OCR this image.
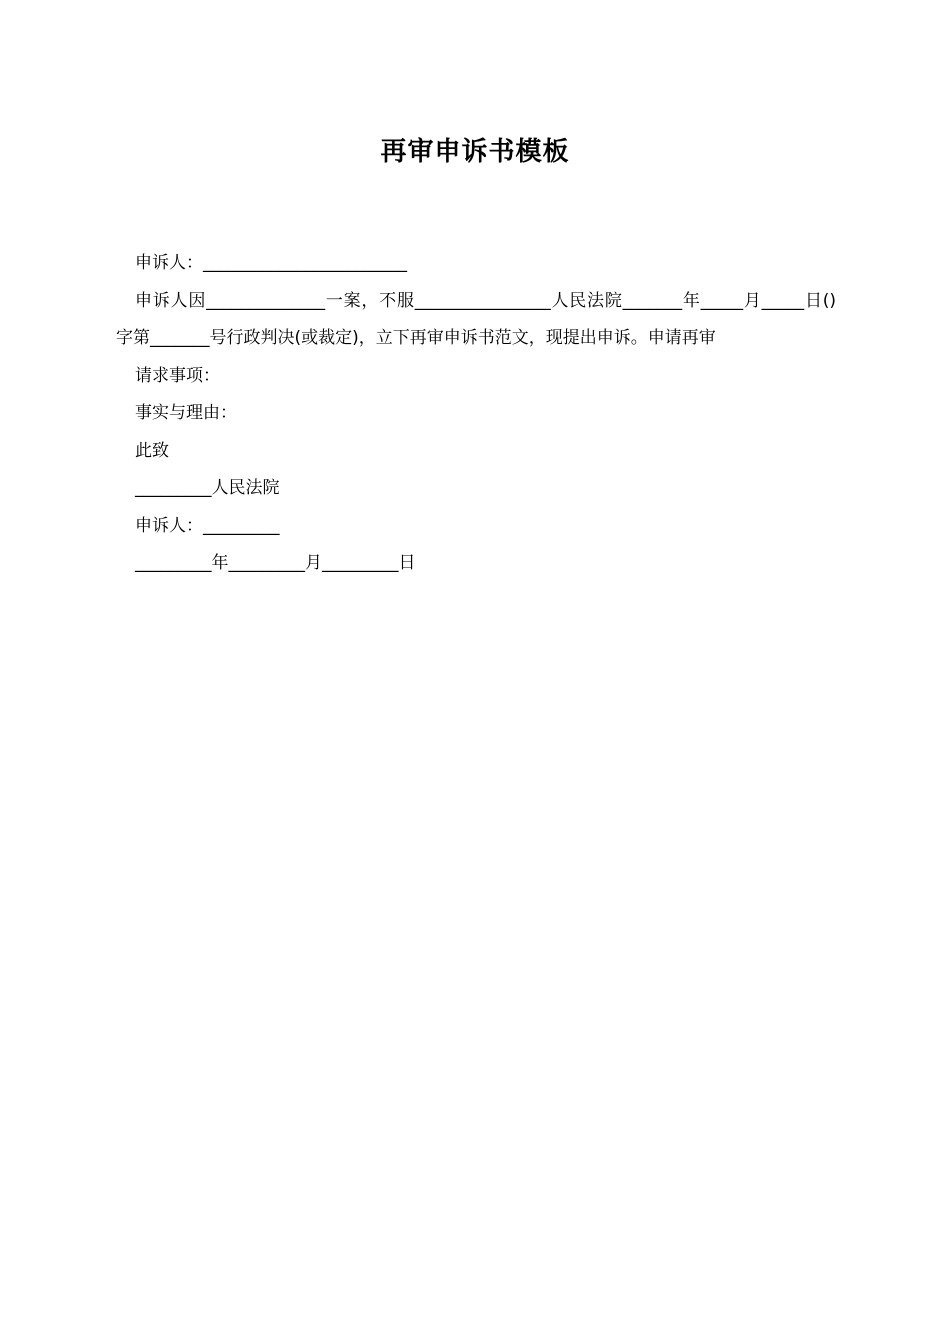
再审申诉书模板

申诉人：________________________

申诉人因______________一案，不服________________人民法院_______年_____月_____日()字第_______号行政判决(或裁定)，立下再审申诉书范文，现提出申诉。申请再审

请求事项：

事实与理由：

此致

_________人民法院

申诉人：_________

_________年_________月_________日
